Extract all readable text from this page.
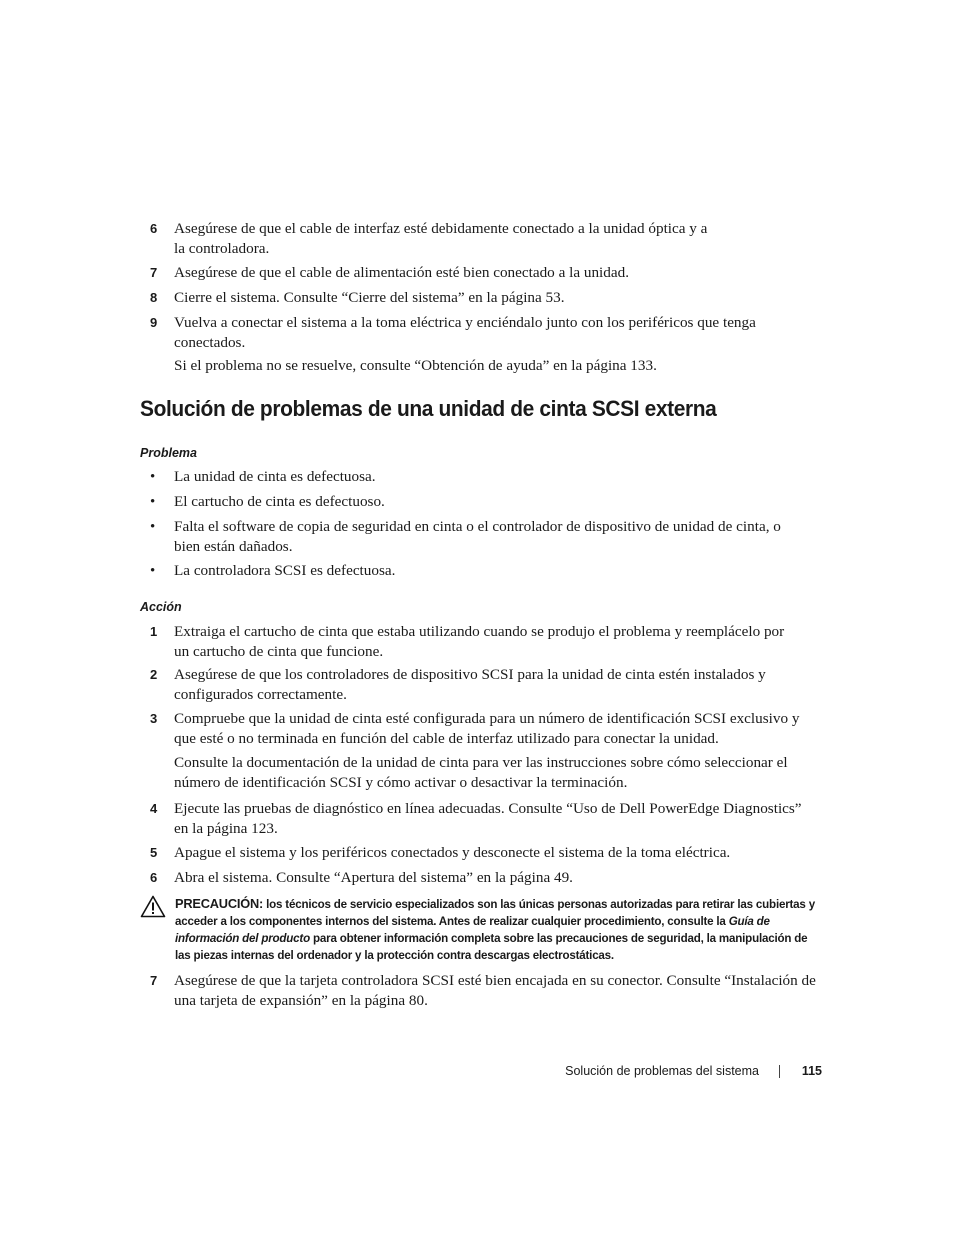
6	Asegúrese de que el cable de interfaz esté debidamente conectado a la unidad óptica y a la controladora.
7	Asegúrese de que el cable de alimentación esté bien conectado a la unidad.
8	Cierre el sistema. Consulte “Cierre del sistema” en la página 53.
9	Vuelva a conectar el sistema a la toma eléctrica y enciéndalo junto con los periféricos que tenga conectados.
Si el problema no se resuelve, consulte “Obtención de ayuda” en la página 133.
Solución de problemas de una unidad de cinta SCSI externa
Problema
• La unidad de cinta es defectuosa.
• El cartucho de cinta es defectuoso.
• Falta el software de copia de seguridad en cinta o el controlador de dispositivo de unidad de cinta, o bien están dañados.
• La controladora SCSI es defectuosa.
Acción
1	Extraiga el cartucho de cinta que estaba utilizando cuando se produjo el problema y reemplácelo por un cartucho de cinta que funcione.
2	Asegúrese de que los controladores de dispositivo SCSI para la unidad de cinta estén instalados y configurados correctamente.
3	Compruebe que la unidad de cinta esté configurada para un número de identificación SCSI exclusivo y que esté o no terminada en función del cable de interfaz utilizado para conectar la unidad.
Consulte la documentación de la unidad de cinta para ver las instrucciones sobre cómo seleccionar el número de identificación SCSI y cómo activar o desactivar la terminación.
4	Ejecute las pruebas de diagnóstico en línea adecuadas. Consulte “Uso de Dell PowerEdge Diagnostics” en la página 123.
5	Apague el sistema y los periféricos conectados y desconecte el sistema de la toma eléctrica.
6	Abra el sistema. Consulte “Apertura del sistema” en la página 49.
PRECAUCIÓN: los técnicos de servicio especializados son las únicas personas autorizadas para retirar las cubiertas y acceder a los componentes internos del sistema. Antes de realizar cualquier procedimiento, consulte la Guía de información del producto para obtener información completa sobre las precauciones de seguridad, la manipulación de las piezas internas del ordenador y la protección contra descargas electrostáticas.
7	Asegúrese de que la tarjeta controladora SCSI esté bien encajada en su conector. Consulte “Instalación de una tarjeta de expansión” en la página 80.
Solución de problemas del sistema	115
